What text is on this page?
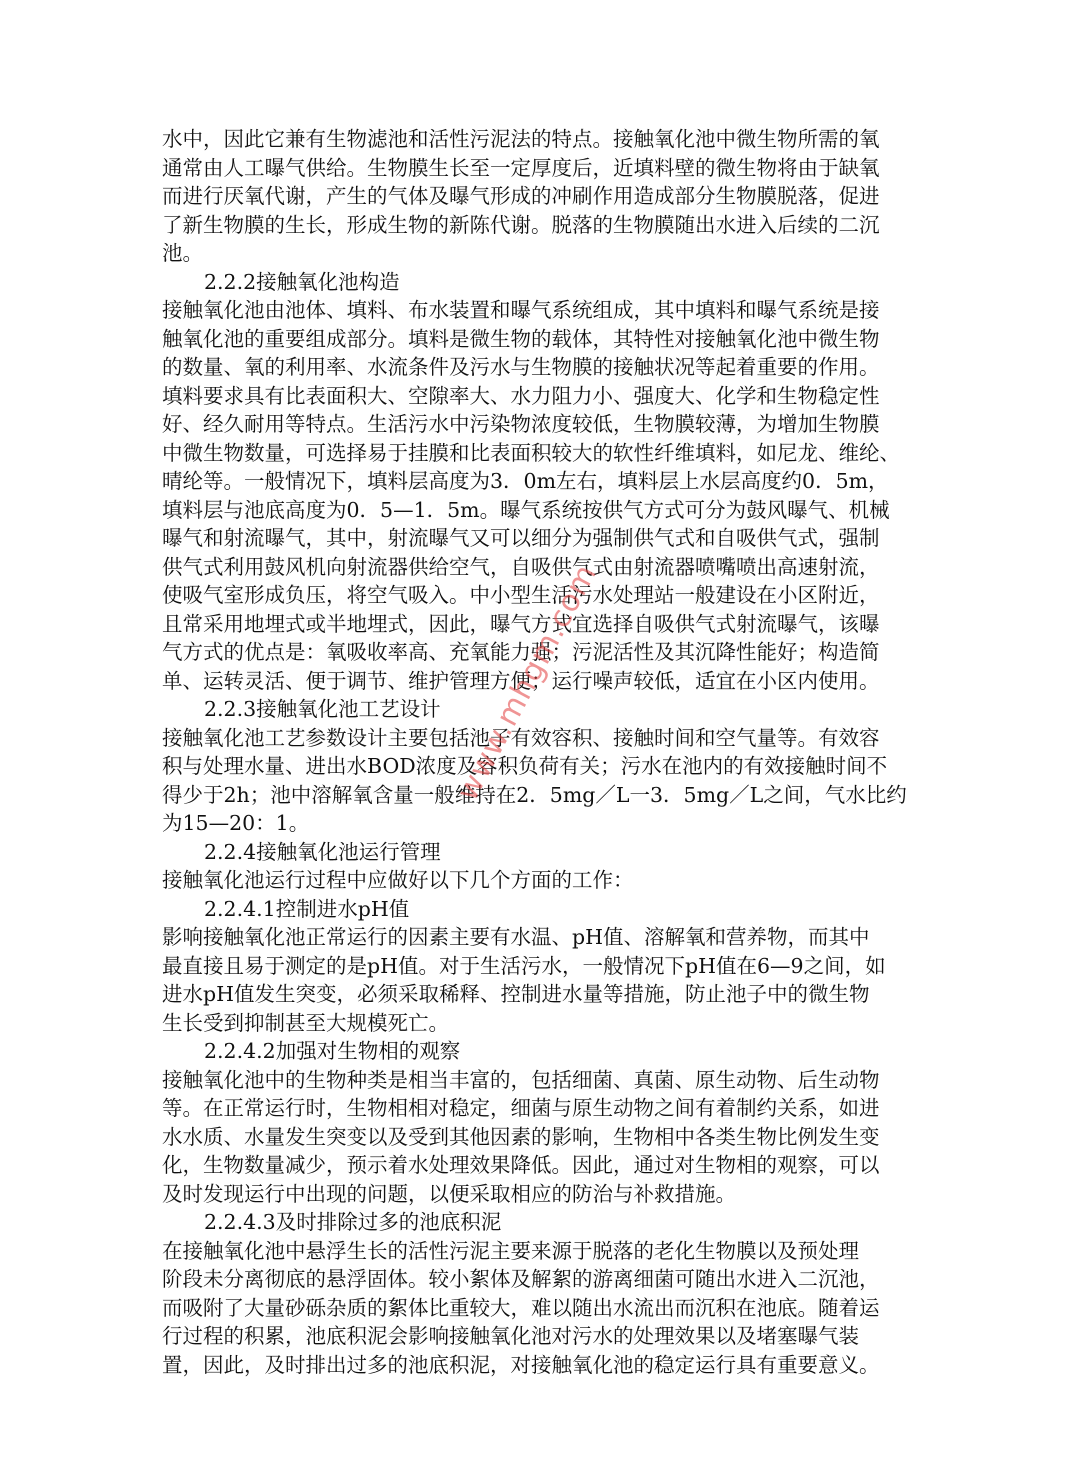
水中，因此它兼有生物滤池和活性污泥法的特点。接触氧化池中微生物所需的氧
通常由人工曝气供给。生物膜生长至一定厚度后，近填料壁的微生物将由于缺氧
而进行厌氧代谢，产生的气体及曝气形成的冲刷作用造成部分生物膜脱落，促进
了新生物膜的生长，形成生物的新陈代谢。脱落的生物膜随出水进入后续的二沉
池。
2.2.2接触氧化池构造
接触氧化池由池体、填料、布水装置和曝气系统组成，其中填料和曝气系统是接
触氧化池的重要组成部分。填料是微生物的载体，其特性对接触氧化池中微生物
的数量、氧的利用率、水流条件及污水与生物膜的接触状况等起着重要的作用。
填料要求具有比表面积大、空隙率大、水力阻力小、强度大、化学和生物稳定性
好、经久耐用等特点。生活污水中污染物浓度较低，生物膜较薄，为增加生物膜
中微生物数量，可选择易于挂膜和比表面积较大的软性纤维填料，如尼龙、维纶、
晴纶等。一般情况下，填料层高度为3．0m左右，填料层上水层高度约0．5m，
填料层与池底高度为0．5—1．5m。曝气系统按供气方式可分为鼓风曝气、机械
曝气和射流曝气，其中，射流曝气又可以细分为强制供气式和自吸供气式，强制
供气式利用鼓风机向射流器供给空气，自吸供气式由射流器喷嘴喷出高速射流，
使吸气室形成负压，将空气吸入。中小型生活污水处理站一般建设在小区附近，
且常采用地埋式或半地埋式，因此，曝气方式宜选择自吸供气式射流曝气，该曝
气方式的优点是：氧吸收率高、充氧能力强；污泥活性及其沉降性能好；构造简
单、运转灵活、便于调节、维护管理方便；运行噪声较低，适宜在小区内使用。
2.2.3接触氧化池工艺设计
接触氧化池工艺参数设计主要包括池子有效容积、接触时间和空气量等。有效容
积与处理水量、进出水BOD浓度及容积负荷有关；污水在池内的有效接触时间不
得少于2h；池中溶解氧含量一般维持在2．5mg／L一3．5mg／L之间，气水比约
为15—20：1。
2.2.4接触氧化池运行管理
接触氧化池运行过程中应做好以下几个方面的工作：
2.2.4.1控制进水pH值
影响接触氧化池正常运行的因素主要有水温、pH值、溶解氧和营养物，而其中
最直接且易于测定的是pH值。对于生活污水，一般情况下pH值在6—9之间，如
进水pH值发生突变，必须采取稀释、控制进水量等措施，防止池子中的微生物
生长受到抑制甚至大规模死亡。
2.2.4.2加强对生物相的观察
接触氧化池中的生物种类是相当丰富的，包括细菌、真菌、原生动物、后生动物
等。在正常运行时，生物相相对稳定，细菌与原生动物之间有着制约关系，如进
水水质、水量发生突变以及受到其他因素的影响，生物相中各类生物比例发生变
化，生物数量减少，预示着水处理效果降低。因此，通过对生物相的观察，可以
及时发现运行中出现的问题，以便采取相应的防治与补救措施。
2.2.4.3及时排除过多的池底积泥
在接触氧化池中悬浮生长的活性污泥主要来源于脱落的老化生物膜以及预处理
阶段未分离彻底的悬浮固体。较小絮体及解絮的游离细菌可随出水进入二沉池，
而吸附了大量砂砾杂质的絮体比重较大，难以随出水流出而沉积在池底。随着运
行过程的积累，池底积泥会影响接触氧化池对污水的处理效果以及堵塞曝气装
置，因此，及时排出过多的池底积泥，对接触氧化池的稳定运行具有重要意义。
www.mhgm.com
